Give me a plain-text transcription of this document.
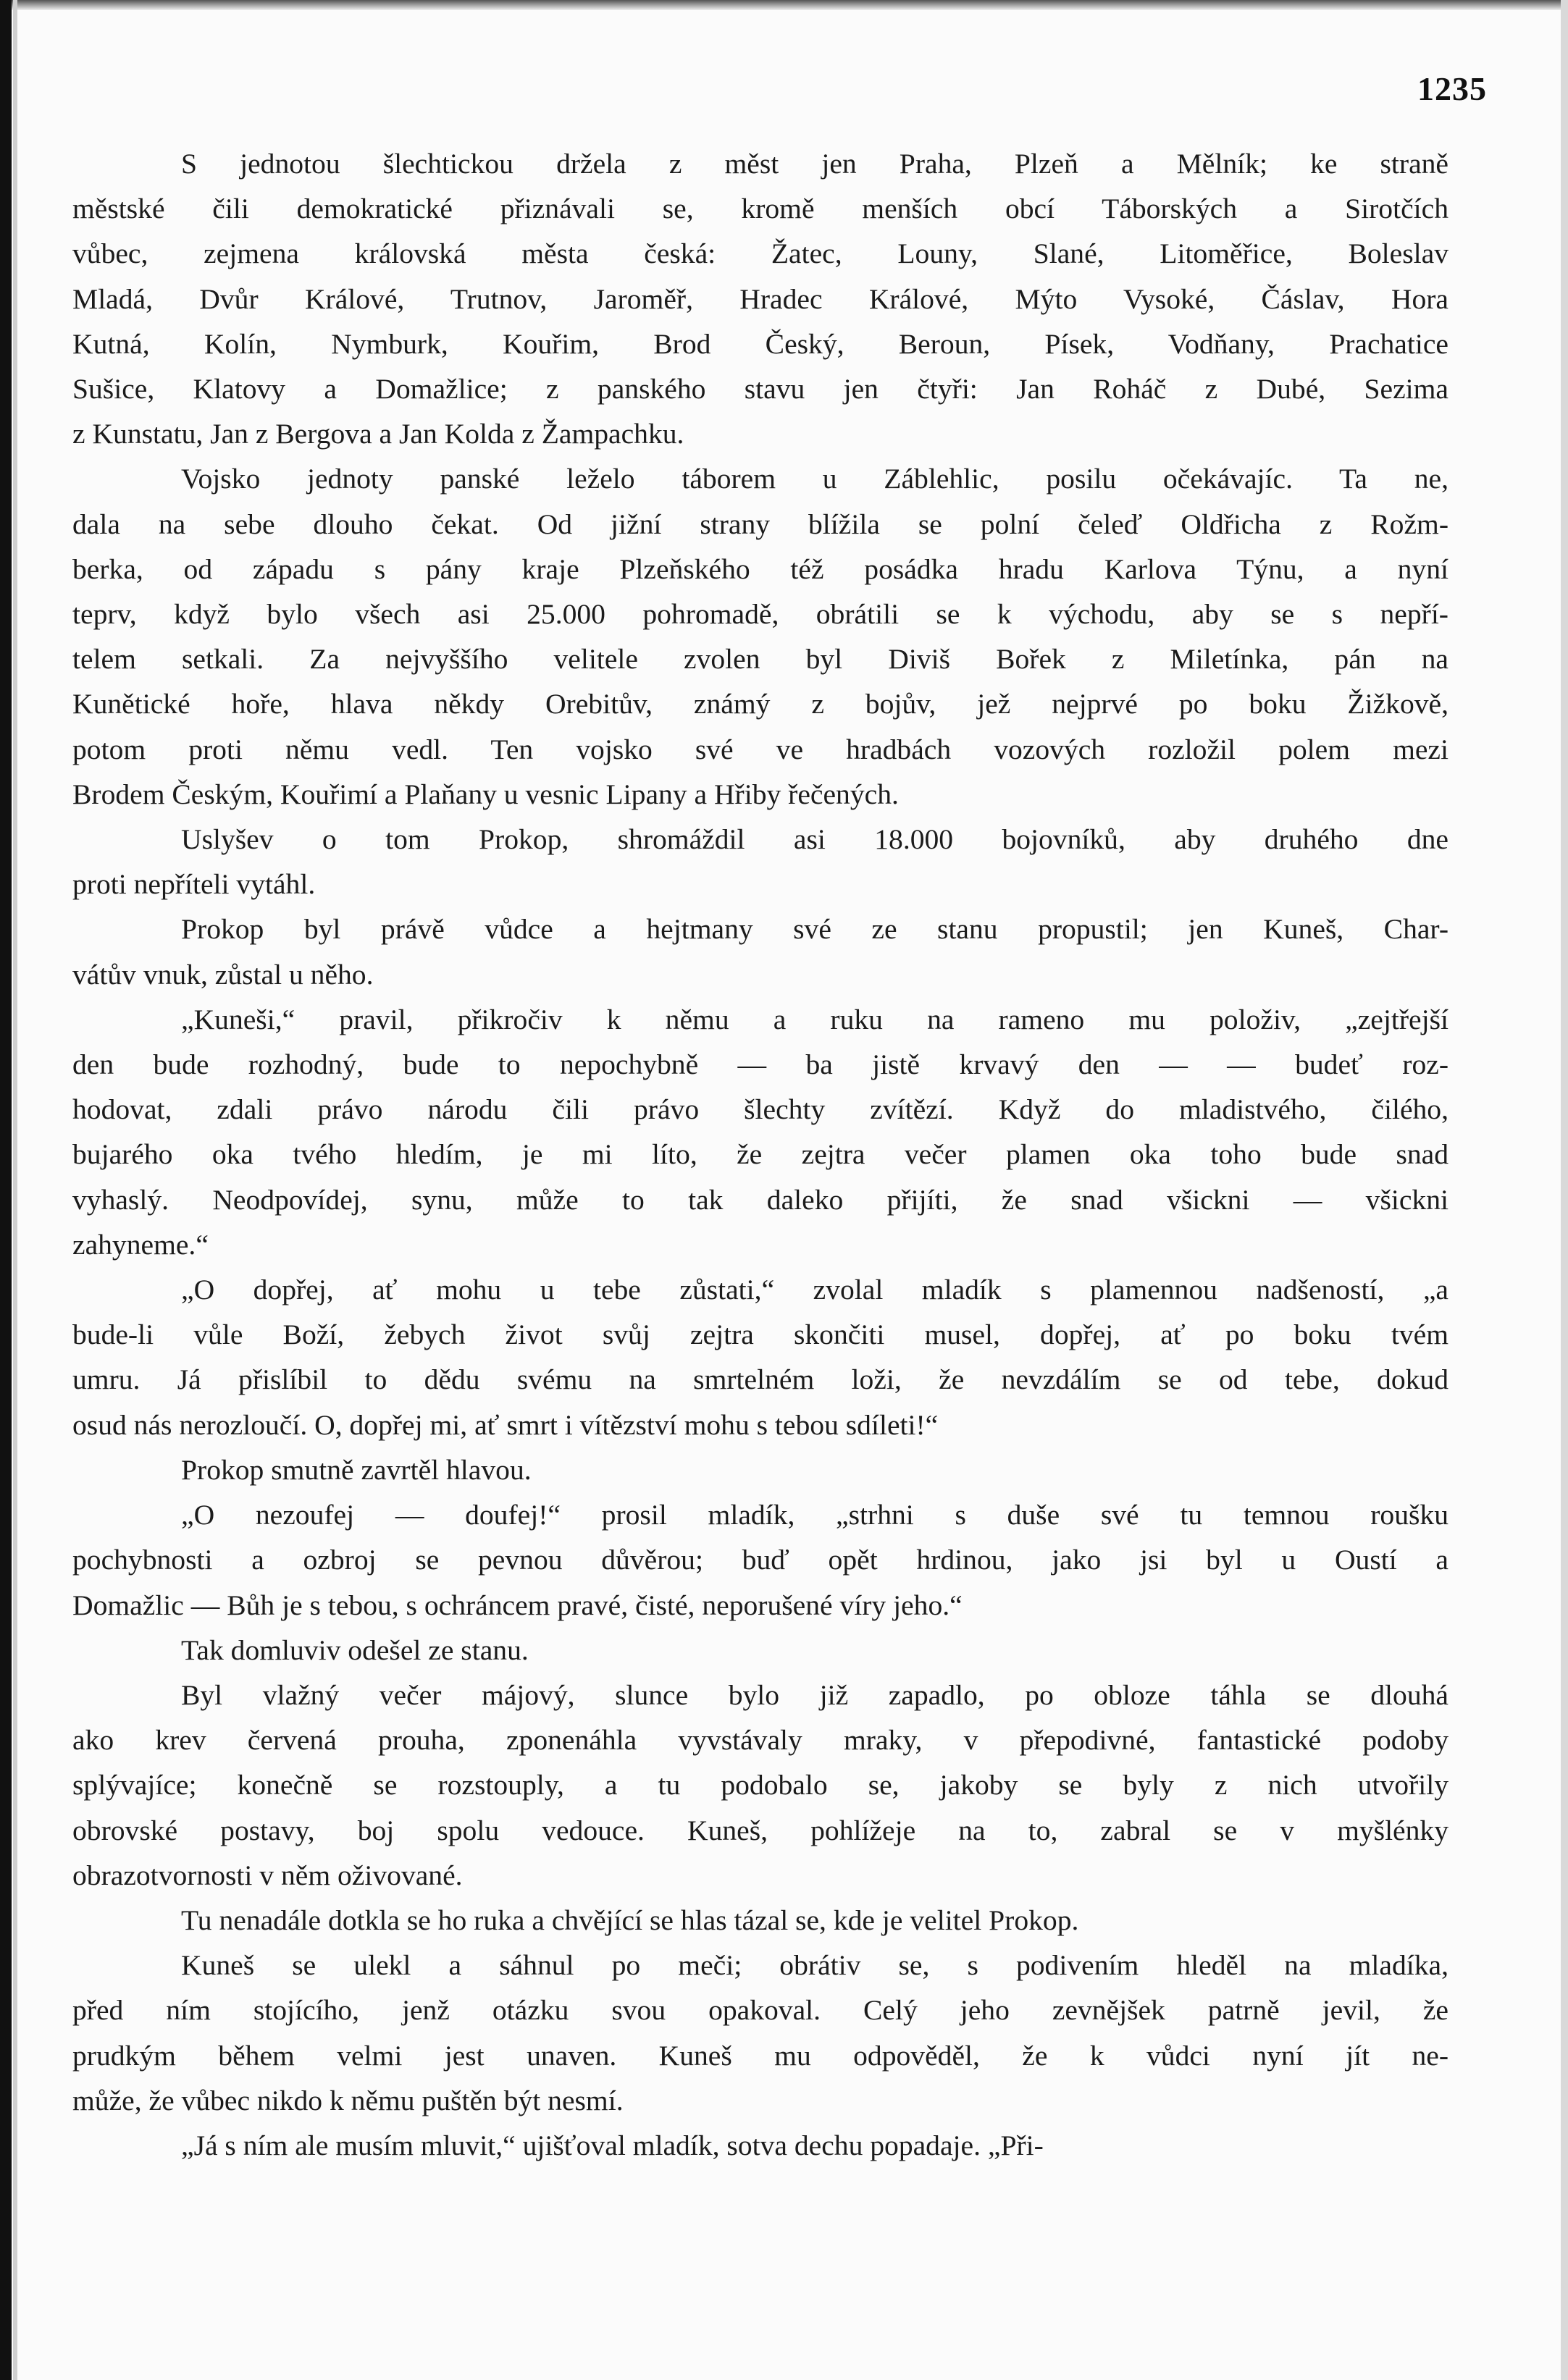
1235
S jednotou šlechtickou držela z měst jen Praha, Plzeň a Mělník; ke straně
městské čili demokratické přiznávali se, kromě menších obcí Táborských a Sirotčích
vůbec, zejmena královská města česká: Žatec, Louny, Slané, Litoměřice, Boleslav
Mladá, Dvůr Králové, Trutnov, Jaroměř, Hradec Králové, Mýto Vysoké, Čáslav, Hora
Kutná, Kolín, Nymburk, Kouřim, Brod Český, Beroun, Písek, Vodňany, Prachatice
Sušice, Klatovy a Domažlice; z panského stavu jen čtyři: Jan Roháč z Dubé, Sezima
z Kunstatu, Jan z Bergova a Jan Kolda z Žampachku.
Vojsko jednoty panské leželo táborem u Záblehlic, posilu očekávajíc. Ta ne,
dala na sebe dlouho čekat. Od jižní strany blížila se polní čeleď Oldřicha z Rožm-
berka, od západu s pány kraje Plzeňského též posádka hradu Karlova Týnu, a nyní
teprv, když bylo všech asi 25.000 pohromadě, obrátili se k východu, aby se s nepří-
telem setkali. Za nejvyššího velitele zvolen byl Diviš Bořek z Miletínka, pán na
Kunětické hoře, hlava někdy Orebitův, známý z bojův, jež nejprvé po boku Žižkově,
potom proti němu vedl. Ten vojsko své ve hradbách vozových rozložil polem mezi
Brodem Českým, Kouřimí a Plaňany u vesnic Lipany a Hřiby řečených.
Uslyšev o tom Prokop, shromáždil asi 18.000 bojovníků, aby druhého dne
proti nepříteli vytáhl.
Prokop byl právě vůdce a hejtmany své ze stanu propustil; jen Kuneš, Char-
vátův vnuk, zůstal u něho.
„Kuneši,“ pravil, přikročiv k němu a ruku na rameno mu položiv, „zejtřejší
den bude rozhodný, bude to nepochybně — ba jistě krvavý den — — budeť roz-
hodovat, zdali právo národu čili právo šlechty zvítězí. Když do mladistvého, čilého,
bujarého oka tvého hledím, je mi líto, že zejtra večer plamen oka toho bude snad
vyhaslý. Neodpovídej, synu, může to tak daleko přijíti, že snad všickni — všickni
zahyneme.“
„O dopřej, ať mohu u tebe zůstati,“ zvolal mladík s plamennou nadšeností, „a
bude-li vůle Boží, žebych život svůj zejtra skončiti musel, dopřej, ať po boku tvém
umru. Já přislíbil to dědu svému na smrtelném loži, že nevzdálím se od tebe, dokud
osud nás nerozloučí. O, dopřej mi, ať smrt i vítězství mohu s tebou sdíleti!“
Prokop smutně zavrtěl hlavou.
„O nezoufej — doufej!“ prosil mladík, „strhni s duše své tu temnou roušku
pochybnosti a ozbroj se pevnou důvěrou; buď opět hrdinou, jako jsi byl u Oustí a
Domažlic — Bůh je s tebou, s ochráncem pravé, čisté, neporušené víry jeho.“
Tak domluviv odešel ze stanu.
Byl vlažný večer májový, slunce bylo již zapadlo, po obloze táhla se dlouhá
ako krev červená prouha, zponenáhla vyvstávaly mraky, v přepodivné, fantastické podoby
splývajíce; konečně se rozstouply, a tu podobalo se, jakoby se byly z nich utvořily
obrovské postavy, boj spolu vedouce. Kuneš, pohlížeje na to, zabral se v myšlénky
obrazotvornosti v něm oživované.
Tu nenadále dotkla se ho ruka a chvějící se hlas tázal se, kde je velitel Prokop.
Kuneš se ulekl a sáhnul po meči; obrátiv se, s podivením hleděl na mladíka,
před ním stojícího, jenž otázku svou opakoval. Celý jeho zevnějšek patrně jevil, že
prudkým během velmi jest unaven. Kuneš mu odpověděl, že k vůdci nyní jít ne-
může, že vůbec nikdo k němu puštěn být nesmí.
„Já s ním ale musím mluvit,“ ujišťoval mladík, sotva dechu popadaje. „Při-
